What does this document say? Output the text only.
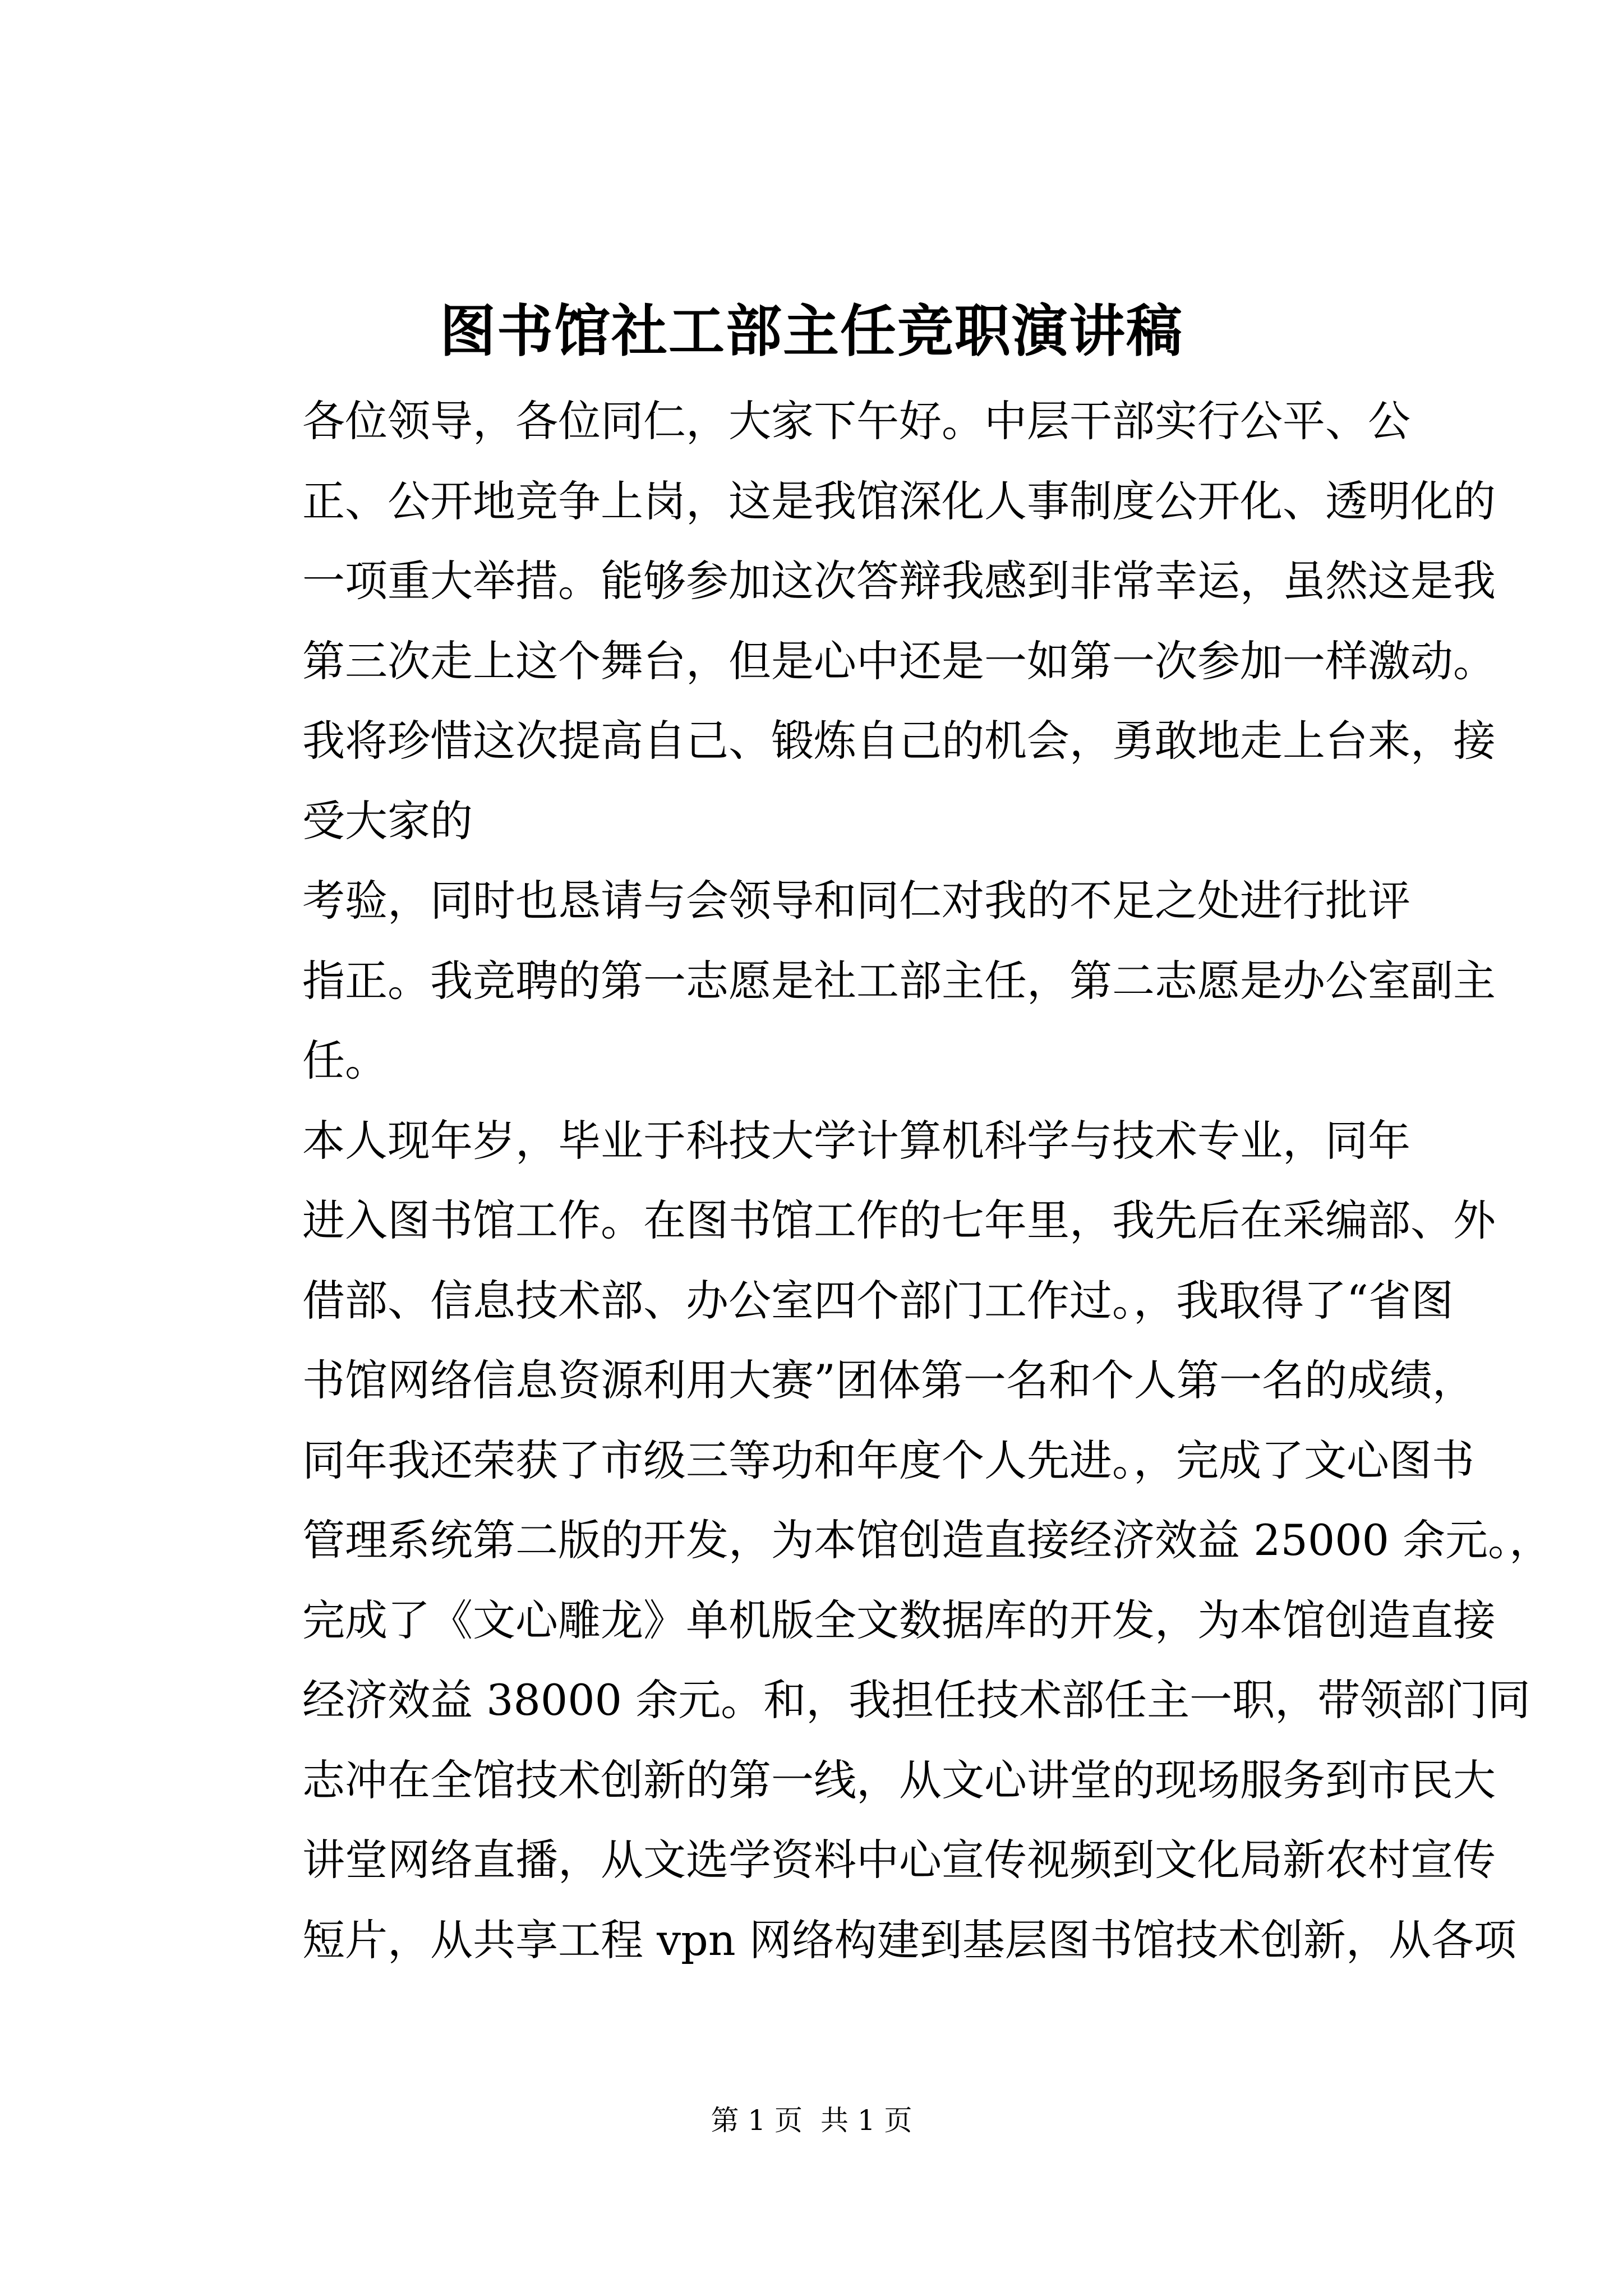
图书馆社工部主任竞职演讲稿

各位领导，各位同仁，大家下午好。中层干部实行公平、公
正、公开地竞争上岗，这是我馆深化人事制度公开化、透明化的
一项重大举措。能够参加这次答辩我感到非常幸运，虽然这是我
第三次走上这个舞台，但是心中还是一如第一次参加一样激动。
我将珍惜这次提高自己、锻炼自己的机会，勇敢地走上台来，接
受大家的

考验，同时也恳请与会领导和同仁对我的不足之处进行批评
指正。我竞聘的第一志愿是社工部主任，第二志愿是办公室副主
任。

本人现年岁，毕业于科技大学计算机科学与技术专业，同年
进入图书馆工作。在图书馆工作的七年里，我先后在采编部、外
借部、信息技术部、办公室四个部门工作过。，我取得了“省图
书馆网络信息资源利用大赛”团体第一名和个人第一名的成绩，
同年我还荣获了市级三等功和年度个人先进。，完成了文心图书
管理系统第二版的开发，为本馆创造直接经济效益 25000 余元。，
完成了《文心雕龙》单机版全文数据库的开发，为本馆创造直接
经济效益 38000 余元。和，我担任技术部任主一职，带领部门同
志冲在全馆技术创新的第一线，从文心讲堂的现场服务到市民大
讲堂网络直播，从文选学资料中心宣传视频到文化局新农村宣传
短片，从共享工程 vpn 网络构建到基层图书馆技术创新，从各项

第 1 页 共 1 页
